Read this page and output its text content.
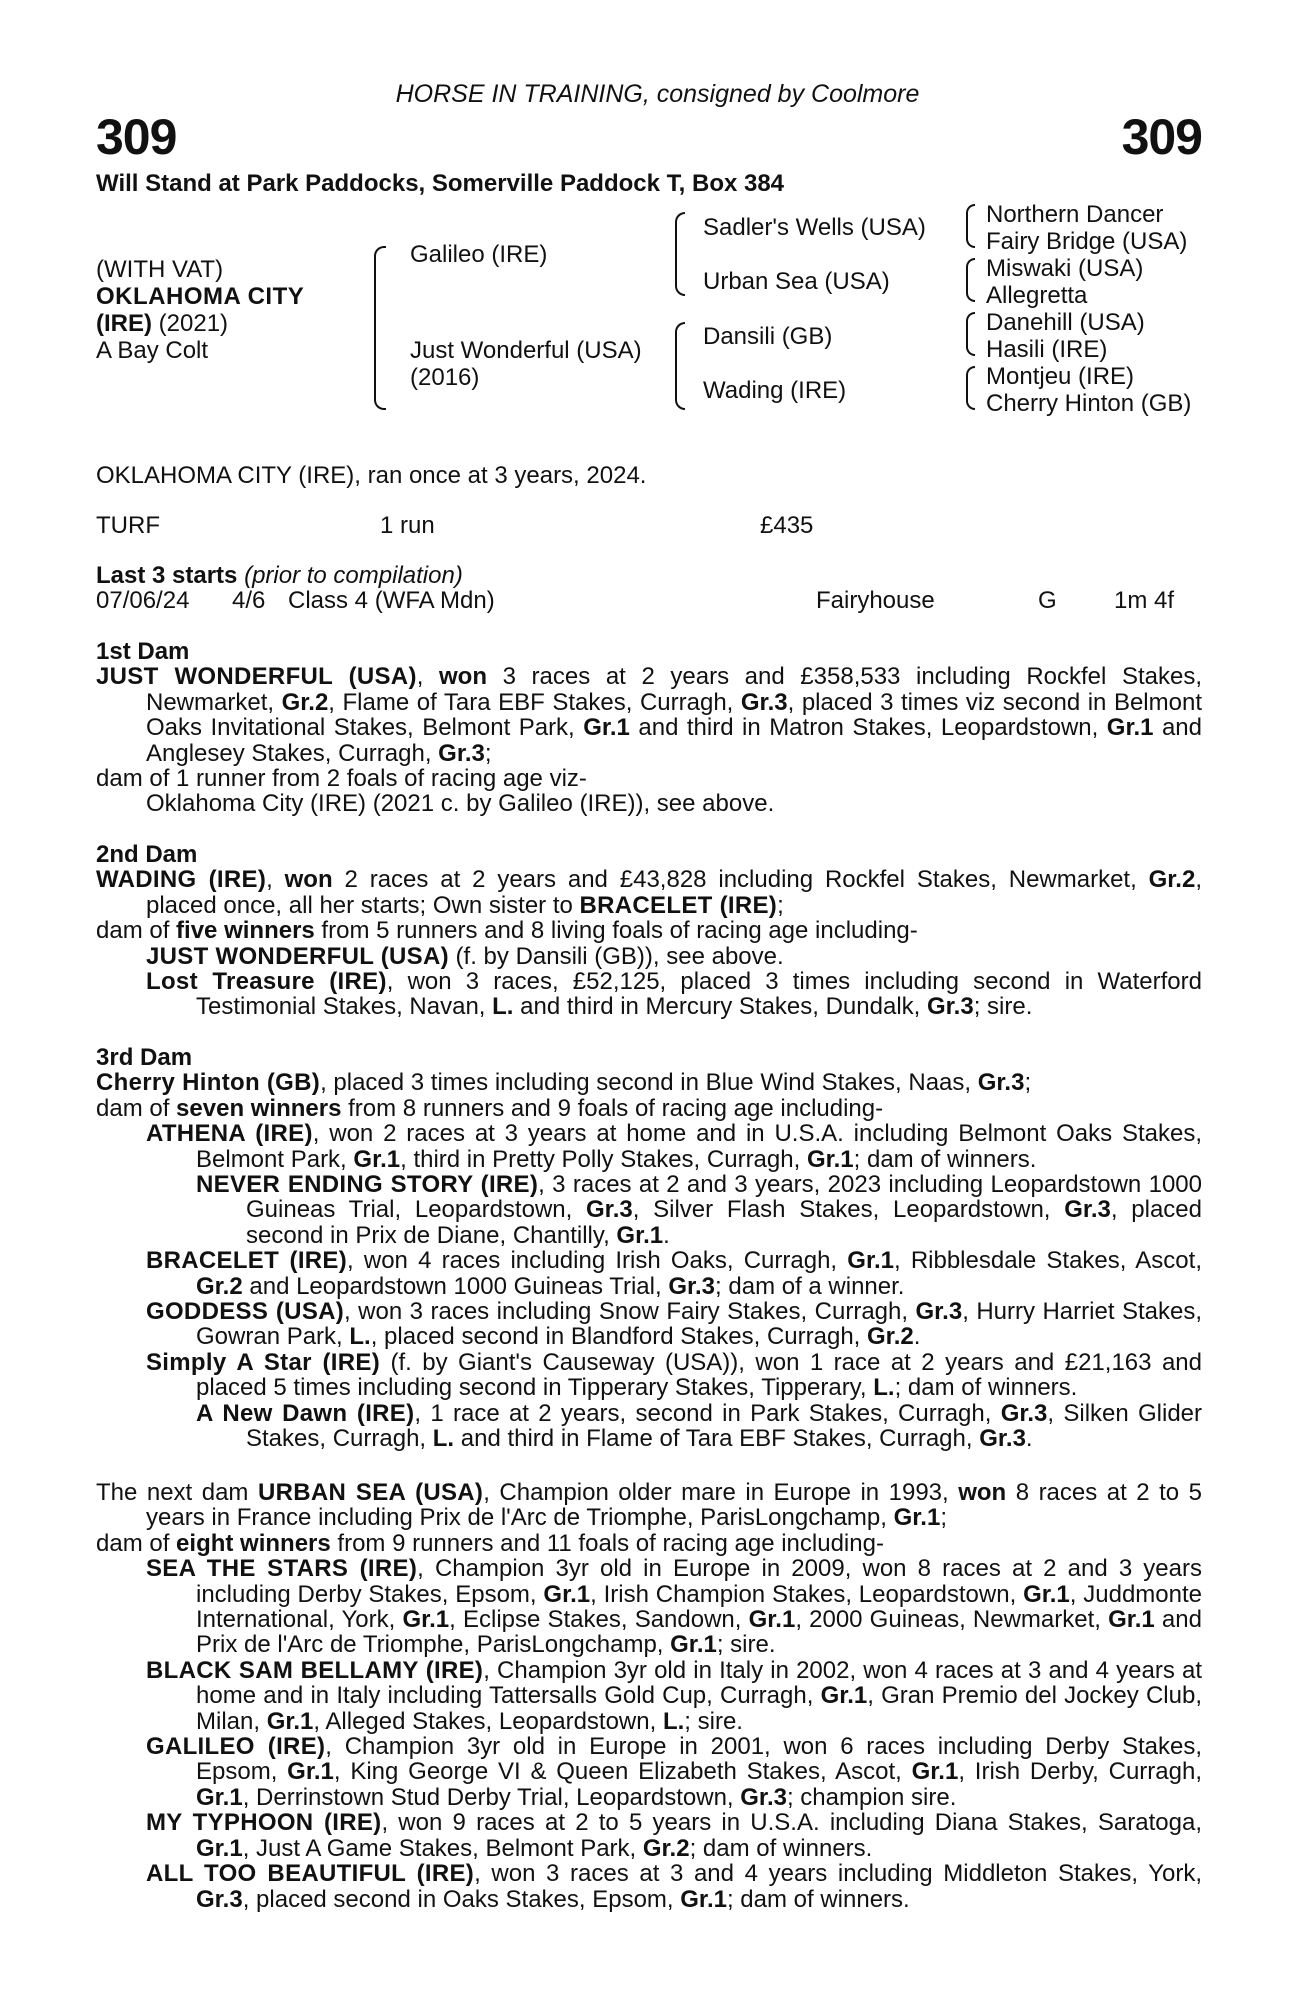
HORSE IN TRAINING, consigned by Coolmore
309	309
Will Stand at Park Paddocks, Somerville Paddock T, Box 384
(WITH VAT)
OKLAHOMA CITY
(IRE) (2021)
A Bay Colt
Galileo (IRE)
Just Wonderful (USA)
(2016)
Sadler's Wells (USA)
Urban Sea (USA)
Dansili (GB)
Wading (IRE)
Northern Dancer
Fairy Bridge (USA)
Miswaki (USA)
Allegretta
Danehill (USA)
Hasili (IRE)
Montjeu (IRE)
Cherry Hinton (GB)
OKLAHOMA CITY (IRE), ran once at 3 years, 2024.
TURF	1 run	£435
Last 3 starts (prior to compilation)
07/06/24 4/6 Class 4 (WFA Mdn)	Fairyhouse	G 1m 4f

1st Dam

JUST WONDERFUL (USA), won 3 races at 2 years and £358,533 including Rockfel Stakes, Newmarket, Gr.2, Flame of Tara EBF Stakes, Curragh, Gr.3, placed 3 times viz second in Belmont Oaks Invitational Stakes, Belmont Park, Gr.1 and third in Matron Stakes, Leopardstown, Gr.1 and Anglesey Stakes, Curragh, Gr.3;

dam of 1 runner from 2 foals of racing age viz-

Oklahoma City (IRE) (2021 c. by Galileo (IRE)), see above.

2nd Dam

WADING (IRE), won 2 races at 2 years and £43,828 including Rockfel Stakes, Newmarket, Gr.2, placed once, all her starts; Own sister to BRACELET (IRE);

dam of five winners from 5 runners and 8 living foals of racing age including-

JUST WONDERFUL (USA) (f. by Dansili (GB)), see above.

Lost Treasure (IRE), won 3 races, £52,125, placed 3 times including second in Waterford Testimonial Stakes, Navan, L. and third in Mercury Stakes, Dundalk, Gr.3; sire.

3rd Dam

Cherry Hinton (GB), placed 3 times including second in Blue Wind Stakes, Naas, Gr.3;

dam of seven winners from 8 runners and 9 foals of racing age including-

ATHENA (IRE), won 2 races at 3 years at home and in U.S.A. including Belmont Oaks Stakes, Belmont Park, Gr.1, third in Pretty Polly Stakes, Curragh, Gr.1; dam of winners.

NEVER ENDING STORY (IRE), 3 races at 2 and 3 years, 2023 including Leopardstown 1000 Guineas Trial, Leopardstown, Gr.3, Silver Flash Stakes, Leopardstown, Gr.3, placed second in Prix de Diane, Chantilly, Gr.1.

BRACELET (IRE), won 4 races including Irish Oaks, Curragh, Gr.1, Ribblesdale Stakes, Ascot, Gr.2 and Leopardstown 1000 Guineas Trial, Gr.3; dam of a winner.

GODDESS (USA), won 3 races including Snow Fairy Stakes, Curragh, Gr.3, Hurry Harriet Stakes, Gowran Park, L., placed second in Blandford Stakes, Curragh, Gr.2.

Simply A Star (IRE) (f. by Giant's Causeway (USA)), won 1 race at 2 years and £21,163 and placed 5 times including second in Tipperary Stakes, Tipperary, L.; dam of winners.

A New Dawn (IRE), 1 race at 2 years, second in Park Stakes, Curragh, Gr.3, Silken Glider Stakes, Curragh, L. and third in Flame of Tara EBF Stakes, Curragh, Gr.3.

The next dam URBAN SEA (USA), Champion older mare in Europe in 1993, won 8 races at 2 to 5 years in France including Prix de l'Arc de Triomphe, ParisLongchamp, Gr.1;

dam of eight winners from 9 runners and 11 foals of racing age including-

SEA THE STARS (IRE), Champion 3yr old in Europe in 2009, won 8 races at 2 and 3 years including Derby Stakes, Epsom, Gr.1, Irish Champion Stakes, Leopardstown, Gr.1, Juddmonte International, York, Gr.1, Eclipse Stakes, Sandown, Gr.1, 2000 Guineas, Newmarket, Gr.1 and Prix de l'Arc de Triomphe, ParisLongchamp, Gr.1; sire.

BLACK SAM BELLAMY (IRE), Champion 3yr old in Italy in 2002, won 4 races at 3 and 4 years at home and in Italy including Tattersalls Gold Cup, Curragh, Gr.1, Gran Premio del Jockey Club, Milan, Gr.1, Alleged Stakes, Leopardstown, L.; sire.

GALILEO (IRE), Champion 3yr old in Europe in 2001, won 6 races including Derby Stakes, Epsom, Gr.1, King George VI & Queen Elizabeth Stakes, Ascot, Gr.1, Irish Derby, Curragh, Gr.1, Derrinstown Stud Derby Trial, Leopardstown, Gr.3; champion sire.

MY TYPHOON (IRE), won 9 races at 2 to 5 years in U.S.A. including Diana Stakes, Saratoga, Gr.1, Just A Game Stakes, Belmont Park, Gr.2; dam of winners.

ALL TOO BEAUTIFUL (IRE), won 3 races at 3 and 4 years including Middleton Stakes, York, Gr.3, placed second in Oaks Stakes, Epsom, Gr.1; dam of winners.
